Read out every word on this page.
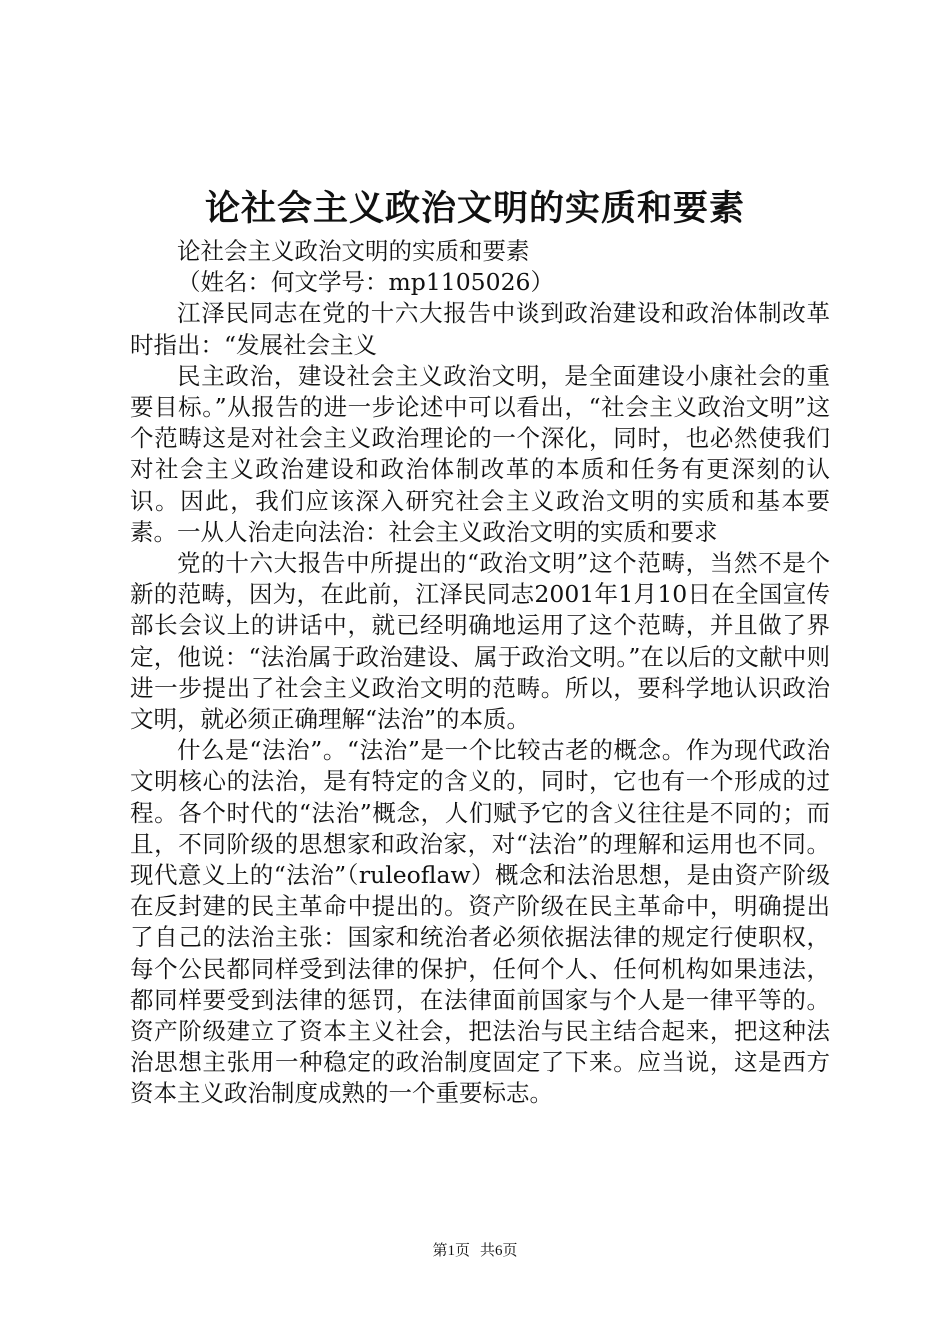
论社会主义政治文明的实质和要素

论社会主义政治文明的实质和要素

（姓名：何文学号：mp1105026）

江泽民同志在党的十六大报告中谈到政治建设和政治体制改革时指出：“发展社会主义

民主政治，建设社会主义政治文明，是全面建设小康社会的重要目标。”从报告的进一步论述中可以看出，“社会主义政治文明”这个范畴这是对社会主义政治理论的一个深化，同时，也必然使我们对社会主义政治建设和政治体制改革的本质和任务有更深刻的认识。因此，我们应该深入研究社会主义政治文明的实质和基本要素。一从人治走向法治：社会主义政治文明的实质和要求

党的十六大报告中所提出的“政治文明”这个范畴，当然不是个新的范畴，因为，在此前，江泽民同志2001年1月10日在全国宣传部长会议上的讲话中，就已经明确地运用了这个范畴，并且做了界定，他说：“法治属于政治建设、属于政治文明。”在以后的文献中则进一步提出了社会主义政治文明的范畴。所以，要科学地认识政治文明，就必须正确理解“法治”的本质。

什么是“法治”。“法治”是一个比较古老的概念。作为现代政治文明核心的法治，是有特定的含义的，同时，它也有一个形成的过程。各个时代的“法治”概念，人们赋予它的含义往往是不同的；而且，不同阶级的思想家和政治家，对“法治”的理解和运用也不同。现代意义上的“法治”（ruleoflaw）概念和法治思想，是由资产阶级在反封建的民主革命中提出的。资产阶级在民主革命中，明确提出了自己的法治主张：国家和统治者必须依据法律的规定行使职权，每个公民都同样受到法律的保护，任何个人、任何机构如果违法，都同样要受到法律的惩罚，在法律面前国家与个人是一律平等的。资产阶级建立了资本主义社会，把法治与民主结合起来，把这种法治思想主张用一种稳定的政治制度固定了下来。应当说，这是西方资本主义政治制度成熟的一个重要标志。

第1页 共6页
